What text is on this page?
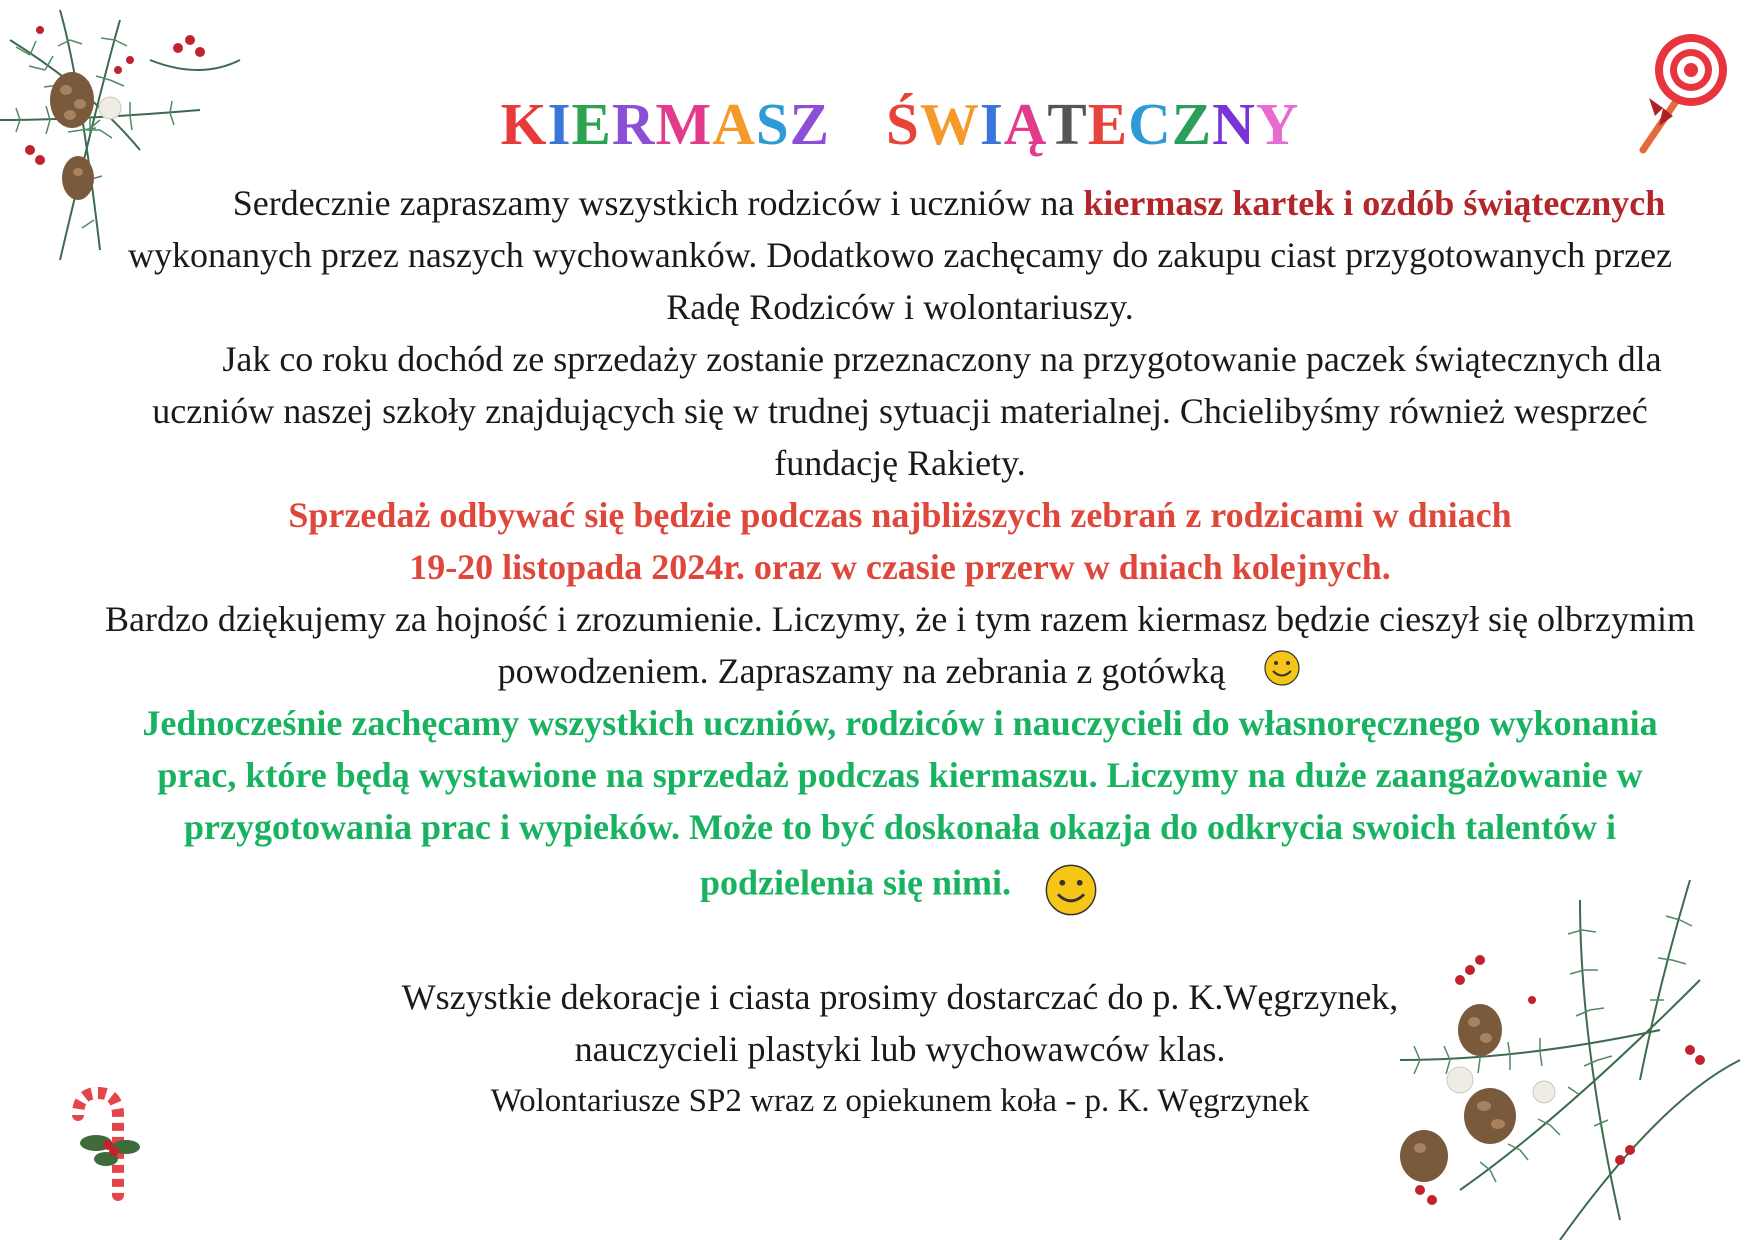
KIERMASZ ŚWIĄTECZNY

Serdecznie zapraszamy wszystkich rodziców i uczniów na kiermasz kartek i ozdób świątecznych wykonanych przez naszych wychowanków. Dodatkowo zachęcamy do zakupu ciast przygotowanych przez Radę Rodziców i wolontariuszy.

Jak co roku dochód ze sprzedaży zostanie przeznaczony na przygotowanie paczek świątecznych dla uczniów naszej szkoły znajdujących się w trudnej sytuacji materialnej. Chcielibyśmy również wesprzeć fundację Rakiety.

Sprzedaż odbywać się będzie podczas najbliższych zebrań z rodzicami w dniach
19-20 listopada 2024r. oraz w czasie przerw w dniach kolejnych.

Bardzo dziękujemy za hojność i zrozumienie. Liczymy, że i tym razem kiermasz będzie cieszył się olbrzymim powodzeniem. Zapraszamy na zebrania z gotówką

Jednocześnie zachęcamy wszystkich uczniów, rodziców i nauczycieli do własnoręcznego wykonania prac, które będą wystawione na sprzedaż podczas kiermaszu. Liczymy na duże zaangażowanie w przygotowania prac i wypieków. Może to być doskonała okazja do odkrycia swoich talentów i podzielenia się nimi.

Wszystkie dekoracje i ciasta prosimy dostarczać do p. K.Węgrzynek,
nauczycieli plastyki lub wychowawców klas.

Wolontariusze SP2 wraz z opiekunem koła - p. K. Węgrzynek
